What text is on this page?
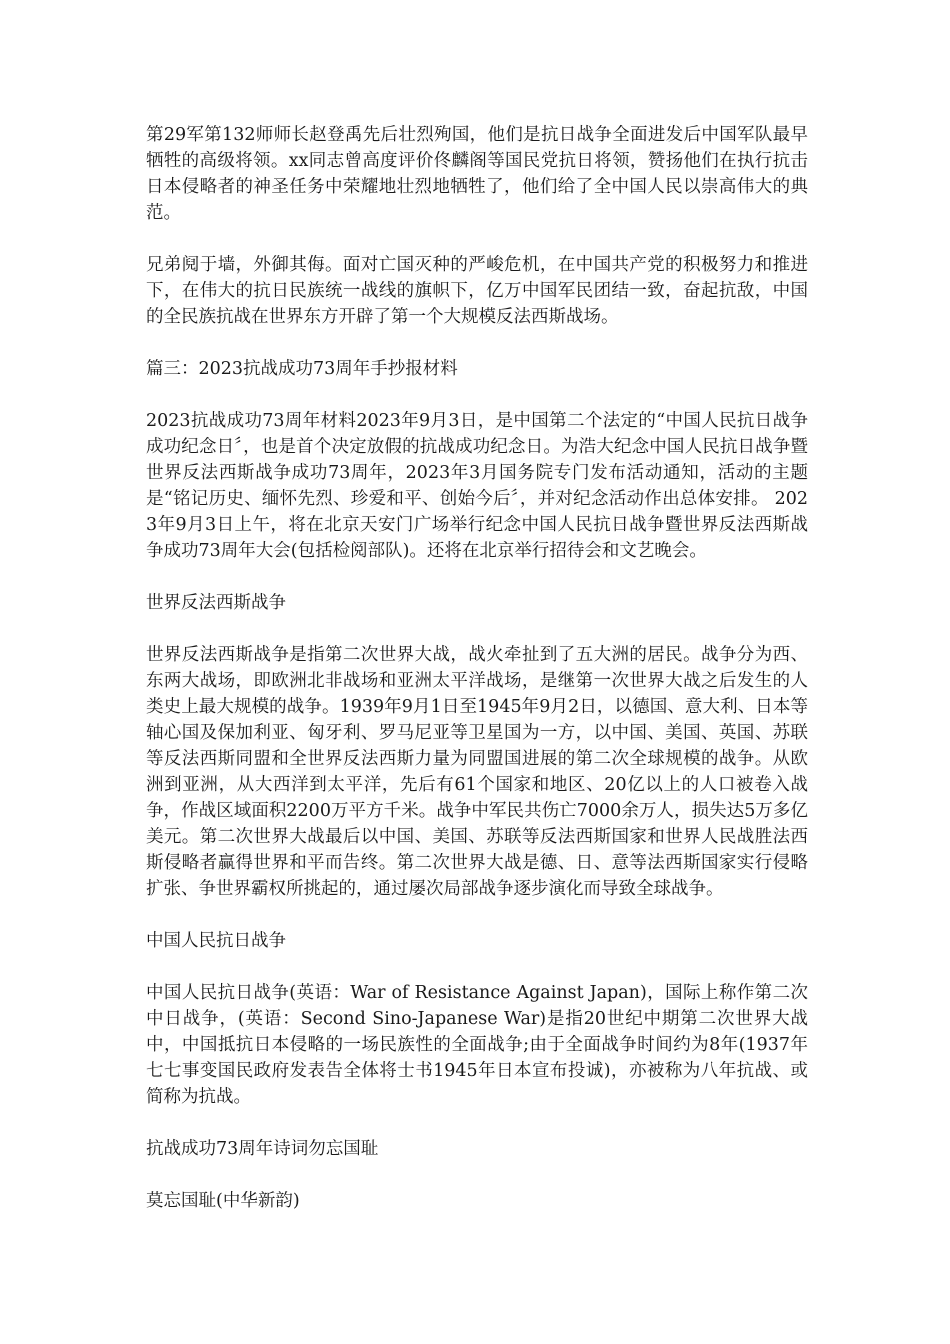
第29军第132师师长赵登禹先后壮烈殉国，他们是抗日战争全面进发后中国军队最早牺牲的高级将领。xx同志曾高度评价佟麟阁等国民党抗日将领，赞扬他们在执行抗击日本侵略者的神圣任务中荣耀地壮烈地牺牲了，他们给了全中国人民以崇高伟大的典范。

兄弟阋于墙，外御其侮。面对亡国灭种的严峻危机，在中国共产党的积极努力和推进下，在伟大的抗日民族统一战线的旗帜下，亿万中国军民团结一致，奋起抗敌，中国的全民族抗战在世界东方开辟了第一个大规模反法西斯战场。

篇三：2023抗战成功73周年手抄报材料

2023抗战成功73周年材料2023年9月3日，是中国第二个法定的“中国人民抗日战争成功纪念日〞，也是首个决定放假的抗战成功纪念日。为浩大纪念中国人民抗日战争暨世界反法西斯战争成功73周年，2023年3月国务院专门发布活动通知，活动的主题是“铭记历史、缅怀先烈、珍爱和平、创始今后〞，并对纪念活动作出总体安排。 2023年9月3日上午，将在北京天安门广场举行纪念中国人民抗日战争暨世界反法西斯战争成功73周年大会(包括检阅部队)。还将在北京举行招待会和文艺晚会。

世界反法西斯战争

世界反法西斯战争是指第二次世界大战，战火牵扯到了五大洲的居民。战争分为西、东两大战场，即欧洲北非战场和亚洲太平洋战场，是继第一次世界大战之后发生的人类史上最大规模的战争。1939年9月1日至1945年9月2日，以德国、意大利、日本等轴心国及保加利亚、匈牙利、罗马尼亚等卫星国为一方，以中国、美国、英国、苏联等反法西斯同盟和全世界反法西斯力量为同盟国进展的第二次全球规模的战争。从欧洲到亚洲，从大西洋到太平洋，先后有61个国家和地区、20亿以上的人口被卷入战争，作战区域面积2200万平方千米。战争中军民共伤亡7000余万人，损失达5万多亿美元。第二次世界大战最后以中国、美国、苏联等反法西斯国家和世界人民战胜法西斯侵略者赢得世界和平而告终。第二次世界大战是德、日、意等法西斯国家实行侵略扩张、争世界霸权所挑起的，通过屡次局部战争逐步演化而导致全球战争。

中国人民抗日战争

中国人民抗日战争(英语：War of Resistance Against Japan)，国际上称作第二次中日战争，(英语：Second Sino-Japanese War)是指20世纪中期第二次世界大战中，中国抵抗日本侵略的一场民族性的全面战争;由于全面战争时间约为8年(1937年七七事变国民政府发表告全体将士书1945年日本宣布投诚)，亦被称为八年抗战、或简称为抗战。

抗战成功73周年诗词勿忘国耻

莫忘国耻(中华新韵)
